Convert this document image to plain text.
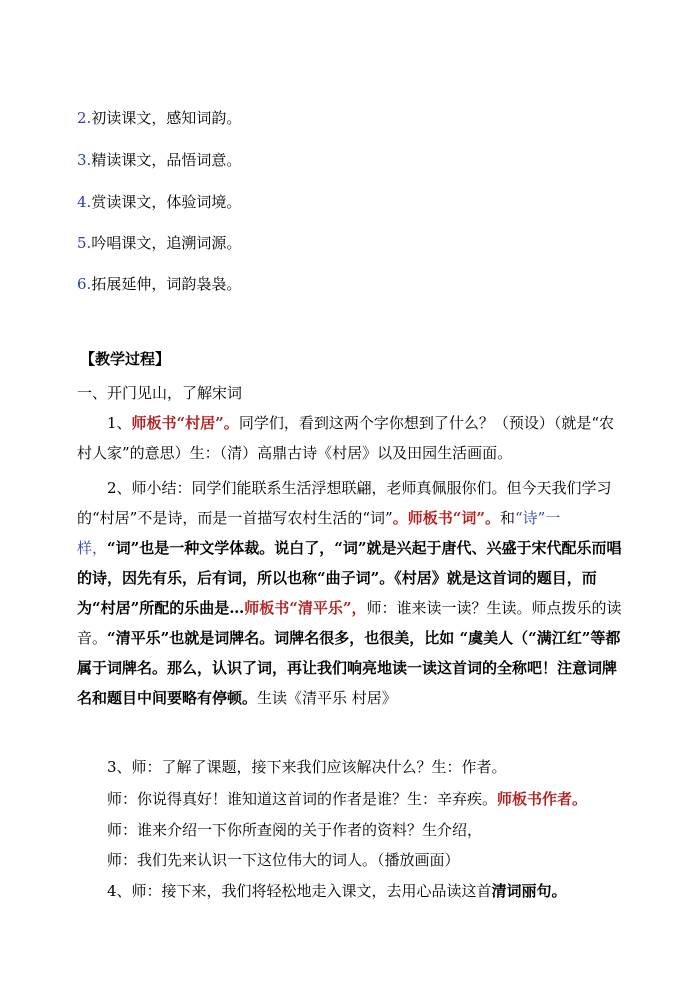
2.初读课文，感知词韵。
3.精读课文，品悟词意。
4.赏读课文，体验词境。
5.吟唱课文，追溯词源。
6.拓展延伸，词韵袅袅。
【教学过程】
一、开门见山，了解宋词
1、师板书“村居”。同学们，看到这两个字你想到了什么？（预设）（就是“农村人家”的意思）生：（清）高鼎古诗《村居》以及田园生活画面。
2、师小结：同学们能联系生活浮想联翩，老师真佩服你们。但今天我们学习的“村居”不是诗，而是一首描写农村生活的“词”。师板书“词”。和“诗”一样，“词”也是一种文学体裁。说白了，“词”就是兴起于唐代、兴盛于宋代配乐而唱的诗，因先有乐，后有词，所以也称“曲子词”。《村居》就是这首词的题目，而为“村居”所配的乐曲是…师板书“清平乐”，师：谁来读一读？生读。师点拨乐的读音。“清平乐”也就是词牌名。词牌名很多，也很美，比如 “虞美人（“满江红”等都属于词牌名。那么，认识了词，再让我们响亮地读一读这首词的全称吧！注意词牌名和题目中间要略有停顿。生读《清平乐 村居》
3、师：了解了课题，接下来我们应该解决什么？生：作者。
师：你说得真好！谁知道这首词的作者是谁？生：辛弃疾。师板书作者。
师：谁来介绍一下你所查阅的关于作者的资料？生介绍，
师：我们先来认识一下这位伟大的词人。（播放画面）
4、师：接下来，我们将轻松地走入课文，去用心品读这首清词丽句。
